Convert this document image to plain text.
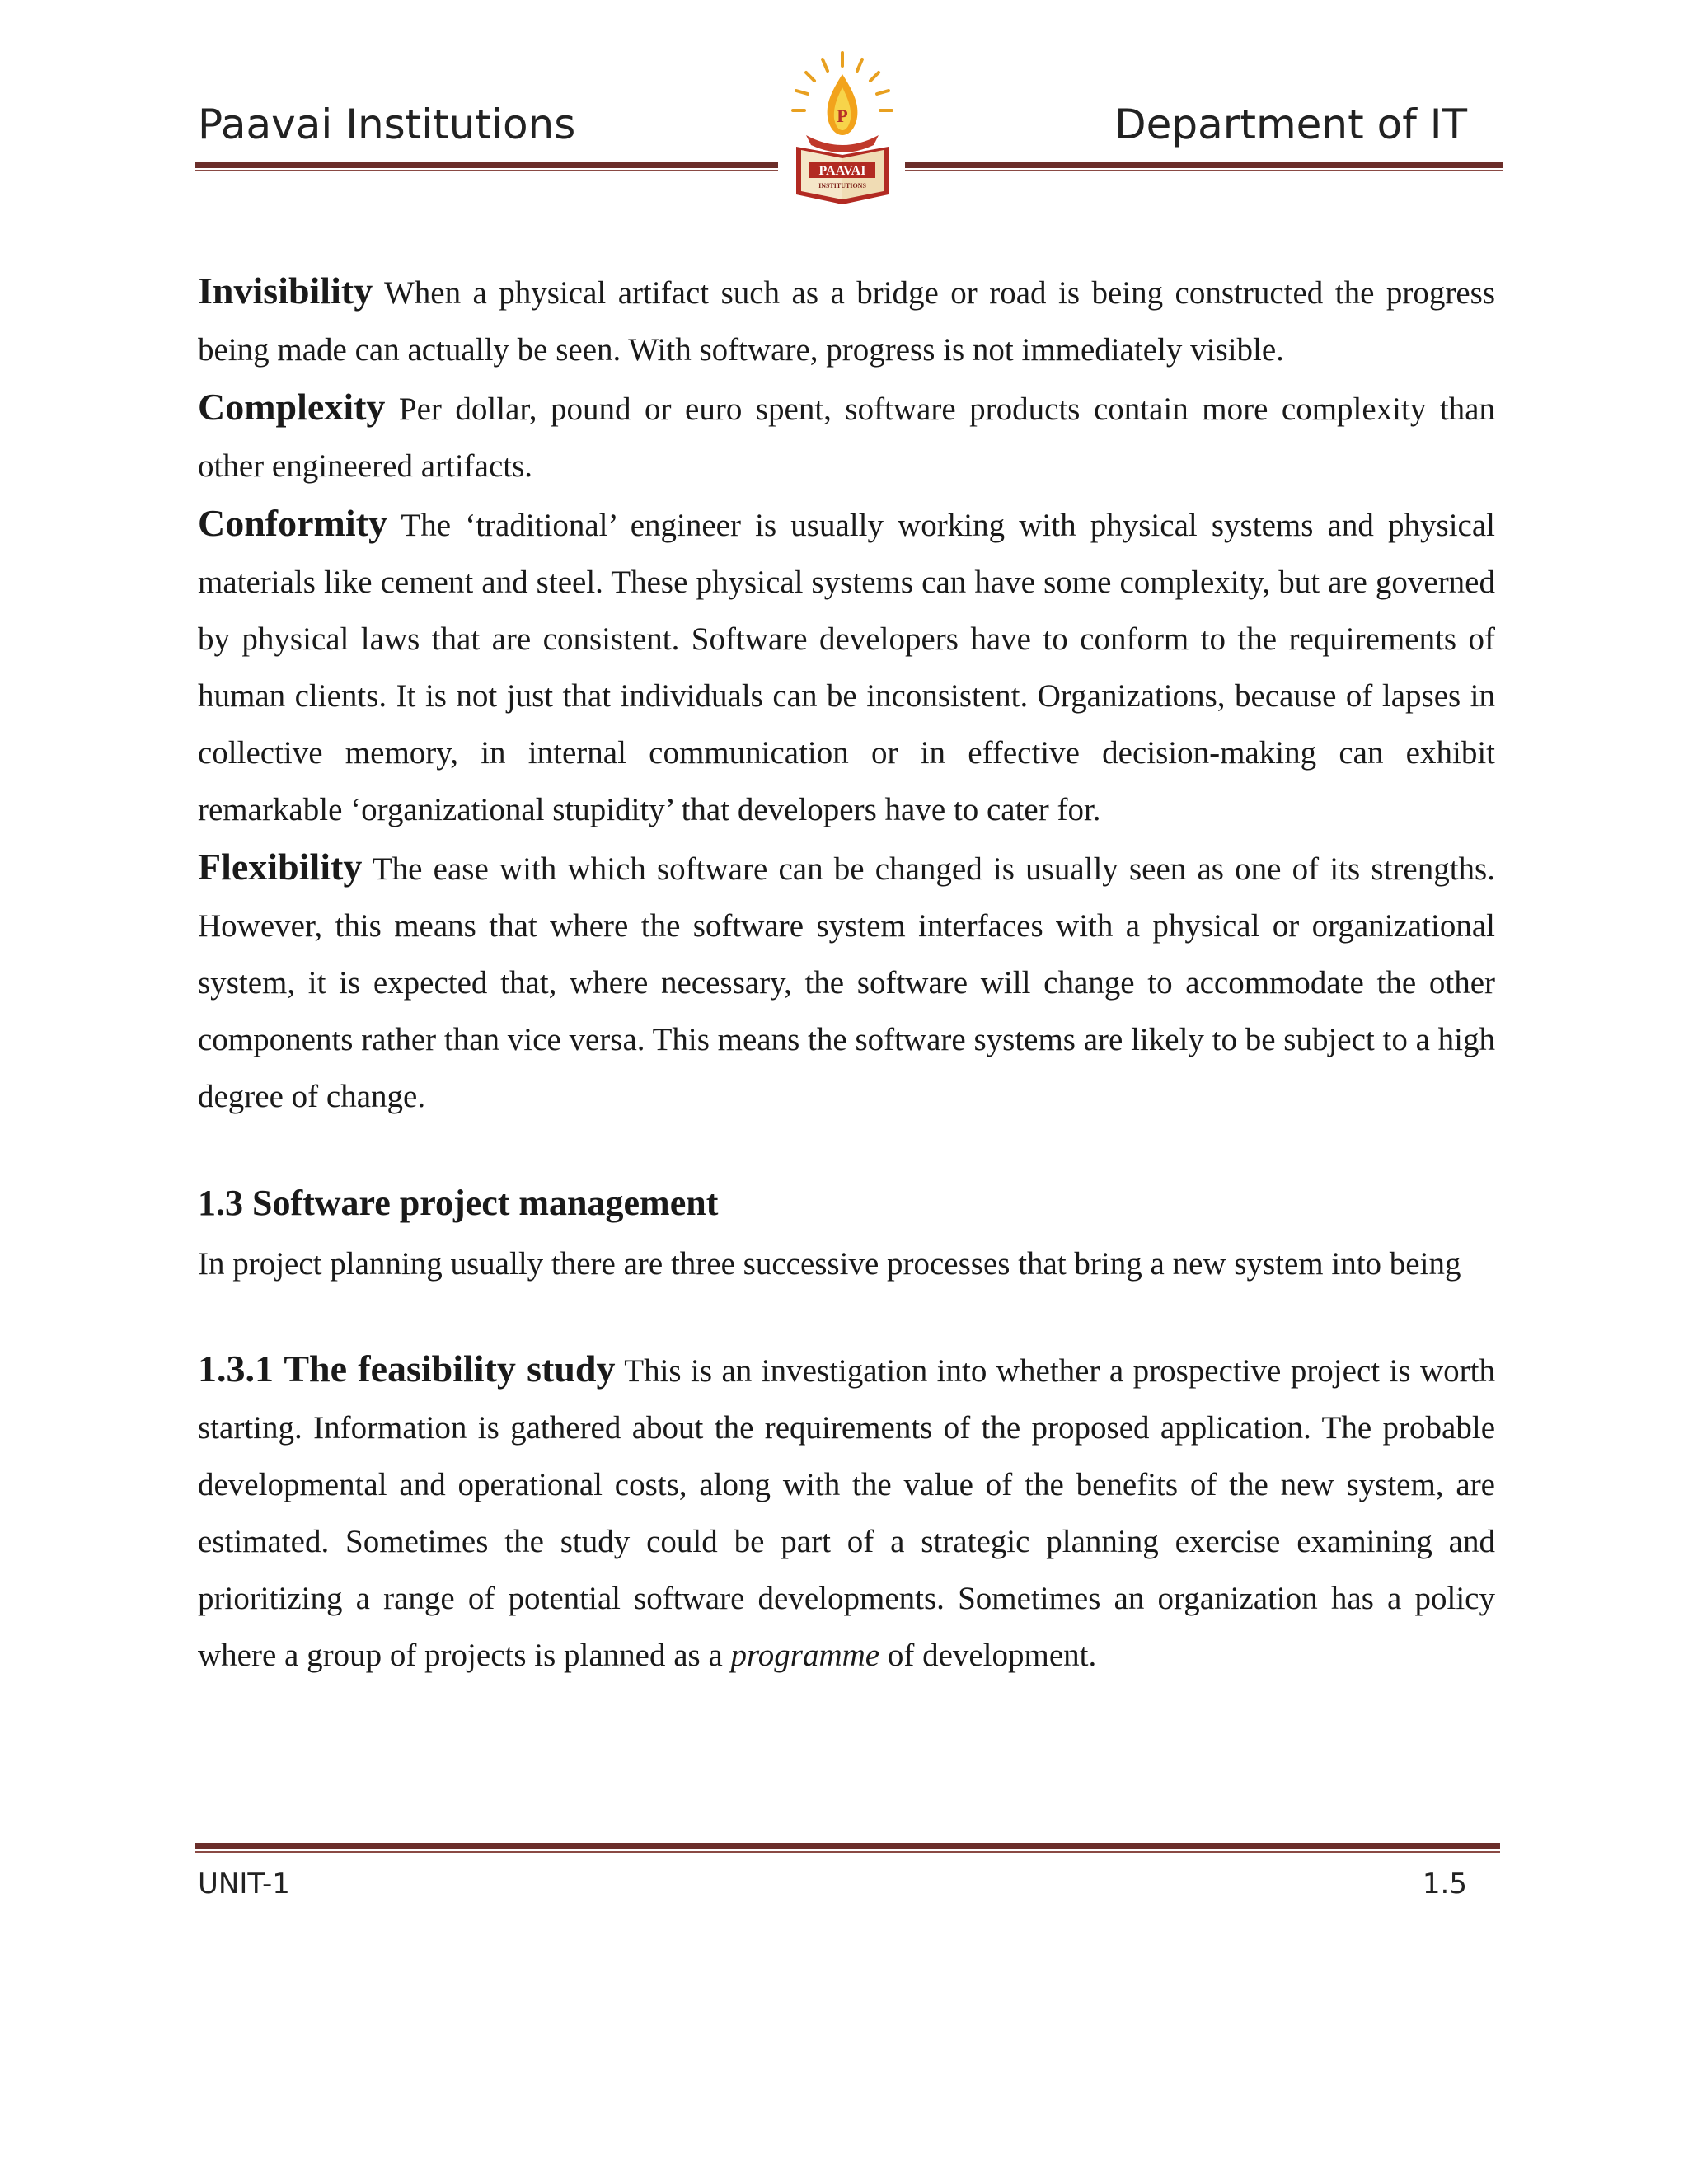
Paavai Institutions	Department of IT
P
PAAVAI
INSTITUTIONS

Invisibility When a physical artifact such as a bridge or road is being constructed the progress being made can actually be seen. With software, progress is not immediately visible.

Complexity Per dollar, pound or euro spent, software products contain more complexity than other engineered artifacts.

Conformity The ‘traditional’ engineer is usually working with physical systems and physical materials like cement and steel. These physical systems can have some complexity, but are governed by physical laws that are consistent. Software developers have to conform to the requirements of human clients. It is not just that individuals can be inconsistent. Organizations, because of lapses in collective memory, in internal communication or in effective decision-making can exhibit remarkable ‘organizational stupidity’ that developers have to cater for.

Flexibility The ease with which software can be changed is usually seen as one of its strengths. However, this means that where the software system interfaces with a physical or organizational system, it is expected that, where necessary, the software will change to accommodate the other components rather than vice versa. This means the software systems are likely to be subject to a high degree of change.

1.3 Software project management

In project planning usually there are three successive processes that bring a new system into being

1.3.1 The feasibility study This is an investigation into whether a prospective project is worth starting. Information is gathered about the requirements of the proposed application. The probable developmental and operational costs, along with the value of the benefits of the new system, are estimated. Sometimes the study could be part of a strategic planning exercise examining and prioritizing a range of potential software developments. Sometimes an organization has a policy where a group of projects is planned as a programme of development.

UNIT-1	1.5
